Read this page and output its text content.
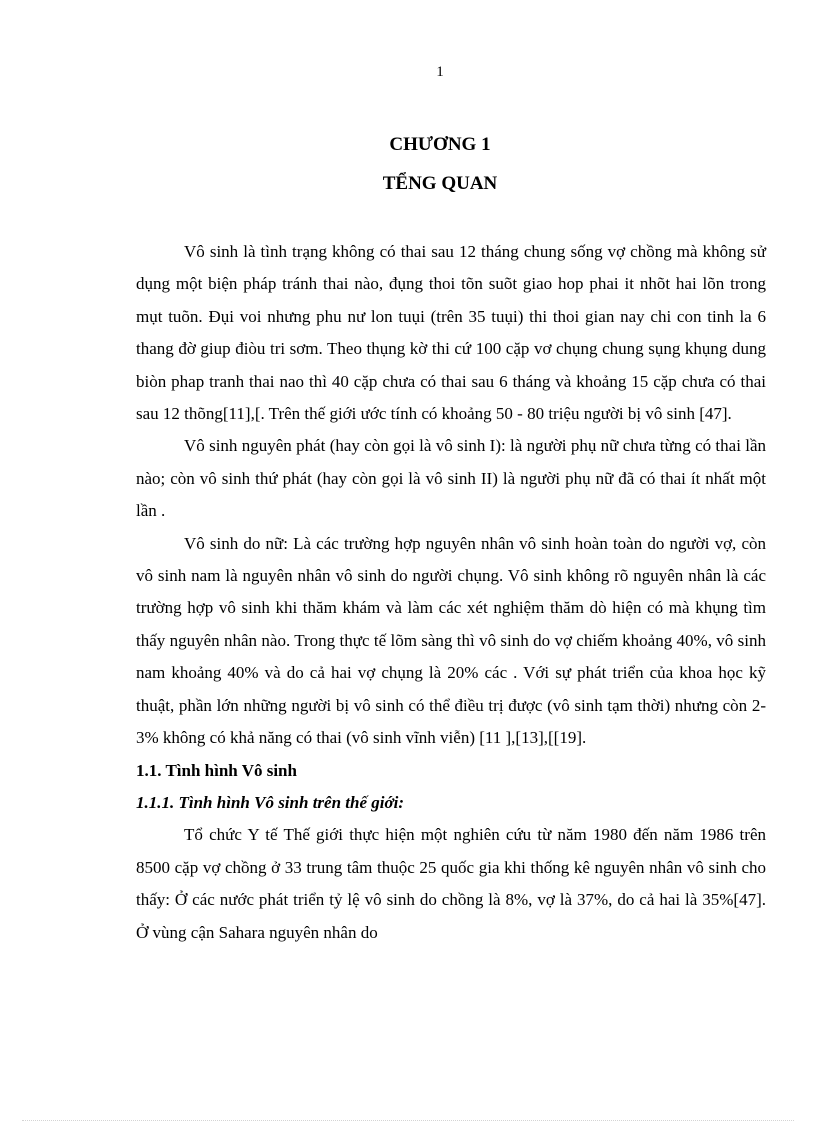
1
CHƯƠNG 1
TỂNG QUAN

Vô sinh là tình trạng không có thai sau 12 tháng chung sống vợ chồng mà không sử dụng một biện pháp tránh thai nào, đụng thoi tõn suõt giao hop phai it nhõt hai lõn trong mụt tuõn. Đụi voi nhưng phu nư lon tuụi (trên 35 tuụi) thi thoi gian nay chi con tinh la 6 thang đờ giup điòu tri sơm. Theo thụng kờ thi cứ 100 cặp vơ chụng chung sụng khụng dung biòn phap tranh thai nao thì 40 cặp chưa có thai sau 6 tháng và khoảng 15 cặp chưa có thai sau 12 thõng[11],[. Trên thế giới ước tính có khoảng 50 - 80 triệu người bị vô sinh [47].

Vô sinh nguyên phát (hay còn gọi là vô sinh I): là người phụ nữ chưa từng có thai lần nào; còn vô sinh thứ phát (hay còn gọi là vô sinh II) là người phụ nữ đã có thai ít nhất một lần .

Vô sinh do nữ: Là các trường hợp nguyên nhân vô sinh hoàn toàn do người vợ, còn vô sinh nam là nguyên nhân vô sinh do người chụng. Vô sinh không rõ nguyên nhân là các trường hợp vô sinh khi thăm khám và làm các xét nghiệm thăm dò hiện có mà khụng tìm thấy nguyên nhân nào. Trong thực tế lõm sàng thì vô sinh do vợ chiếm khoảng 40%, vô sinh nam khoảng 40% và do cả hai vợ chụng là 20% các . Với sự phát triển của khoa học kỹ thuật, phần lớn những người bị vô sinh có thể điều trị được (vô sinh tạm thời) nhưng còn 2-3% không có khả năng có thai (vô sinh vĩnh viễn) [11 ],[13],[[19].

1.1. Tình hình Vô sinh
1.1.1. Tình hình Vô sinh trên thế giới:

Tổ chức Y tế Thế giới thực hiện một nghiên cứu từ năm 1980 đến năm 1986 trên 8500 cặp vợ chồng ở 33 trung tâm thuộc 25 quốc gia khi thống kê nguyên nhân vô sinh cho thấy: Ở các nước phát triển tỷ lệ vô sinh do chồng là 8%, vợ là 37%, do cả hai là 35%[47]. Ở vùng cận Sahara nguyên nhân do
